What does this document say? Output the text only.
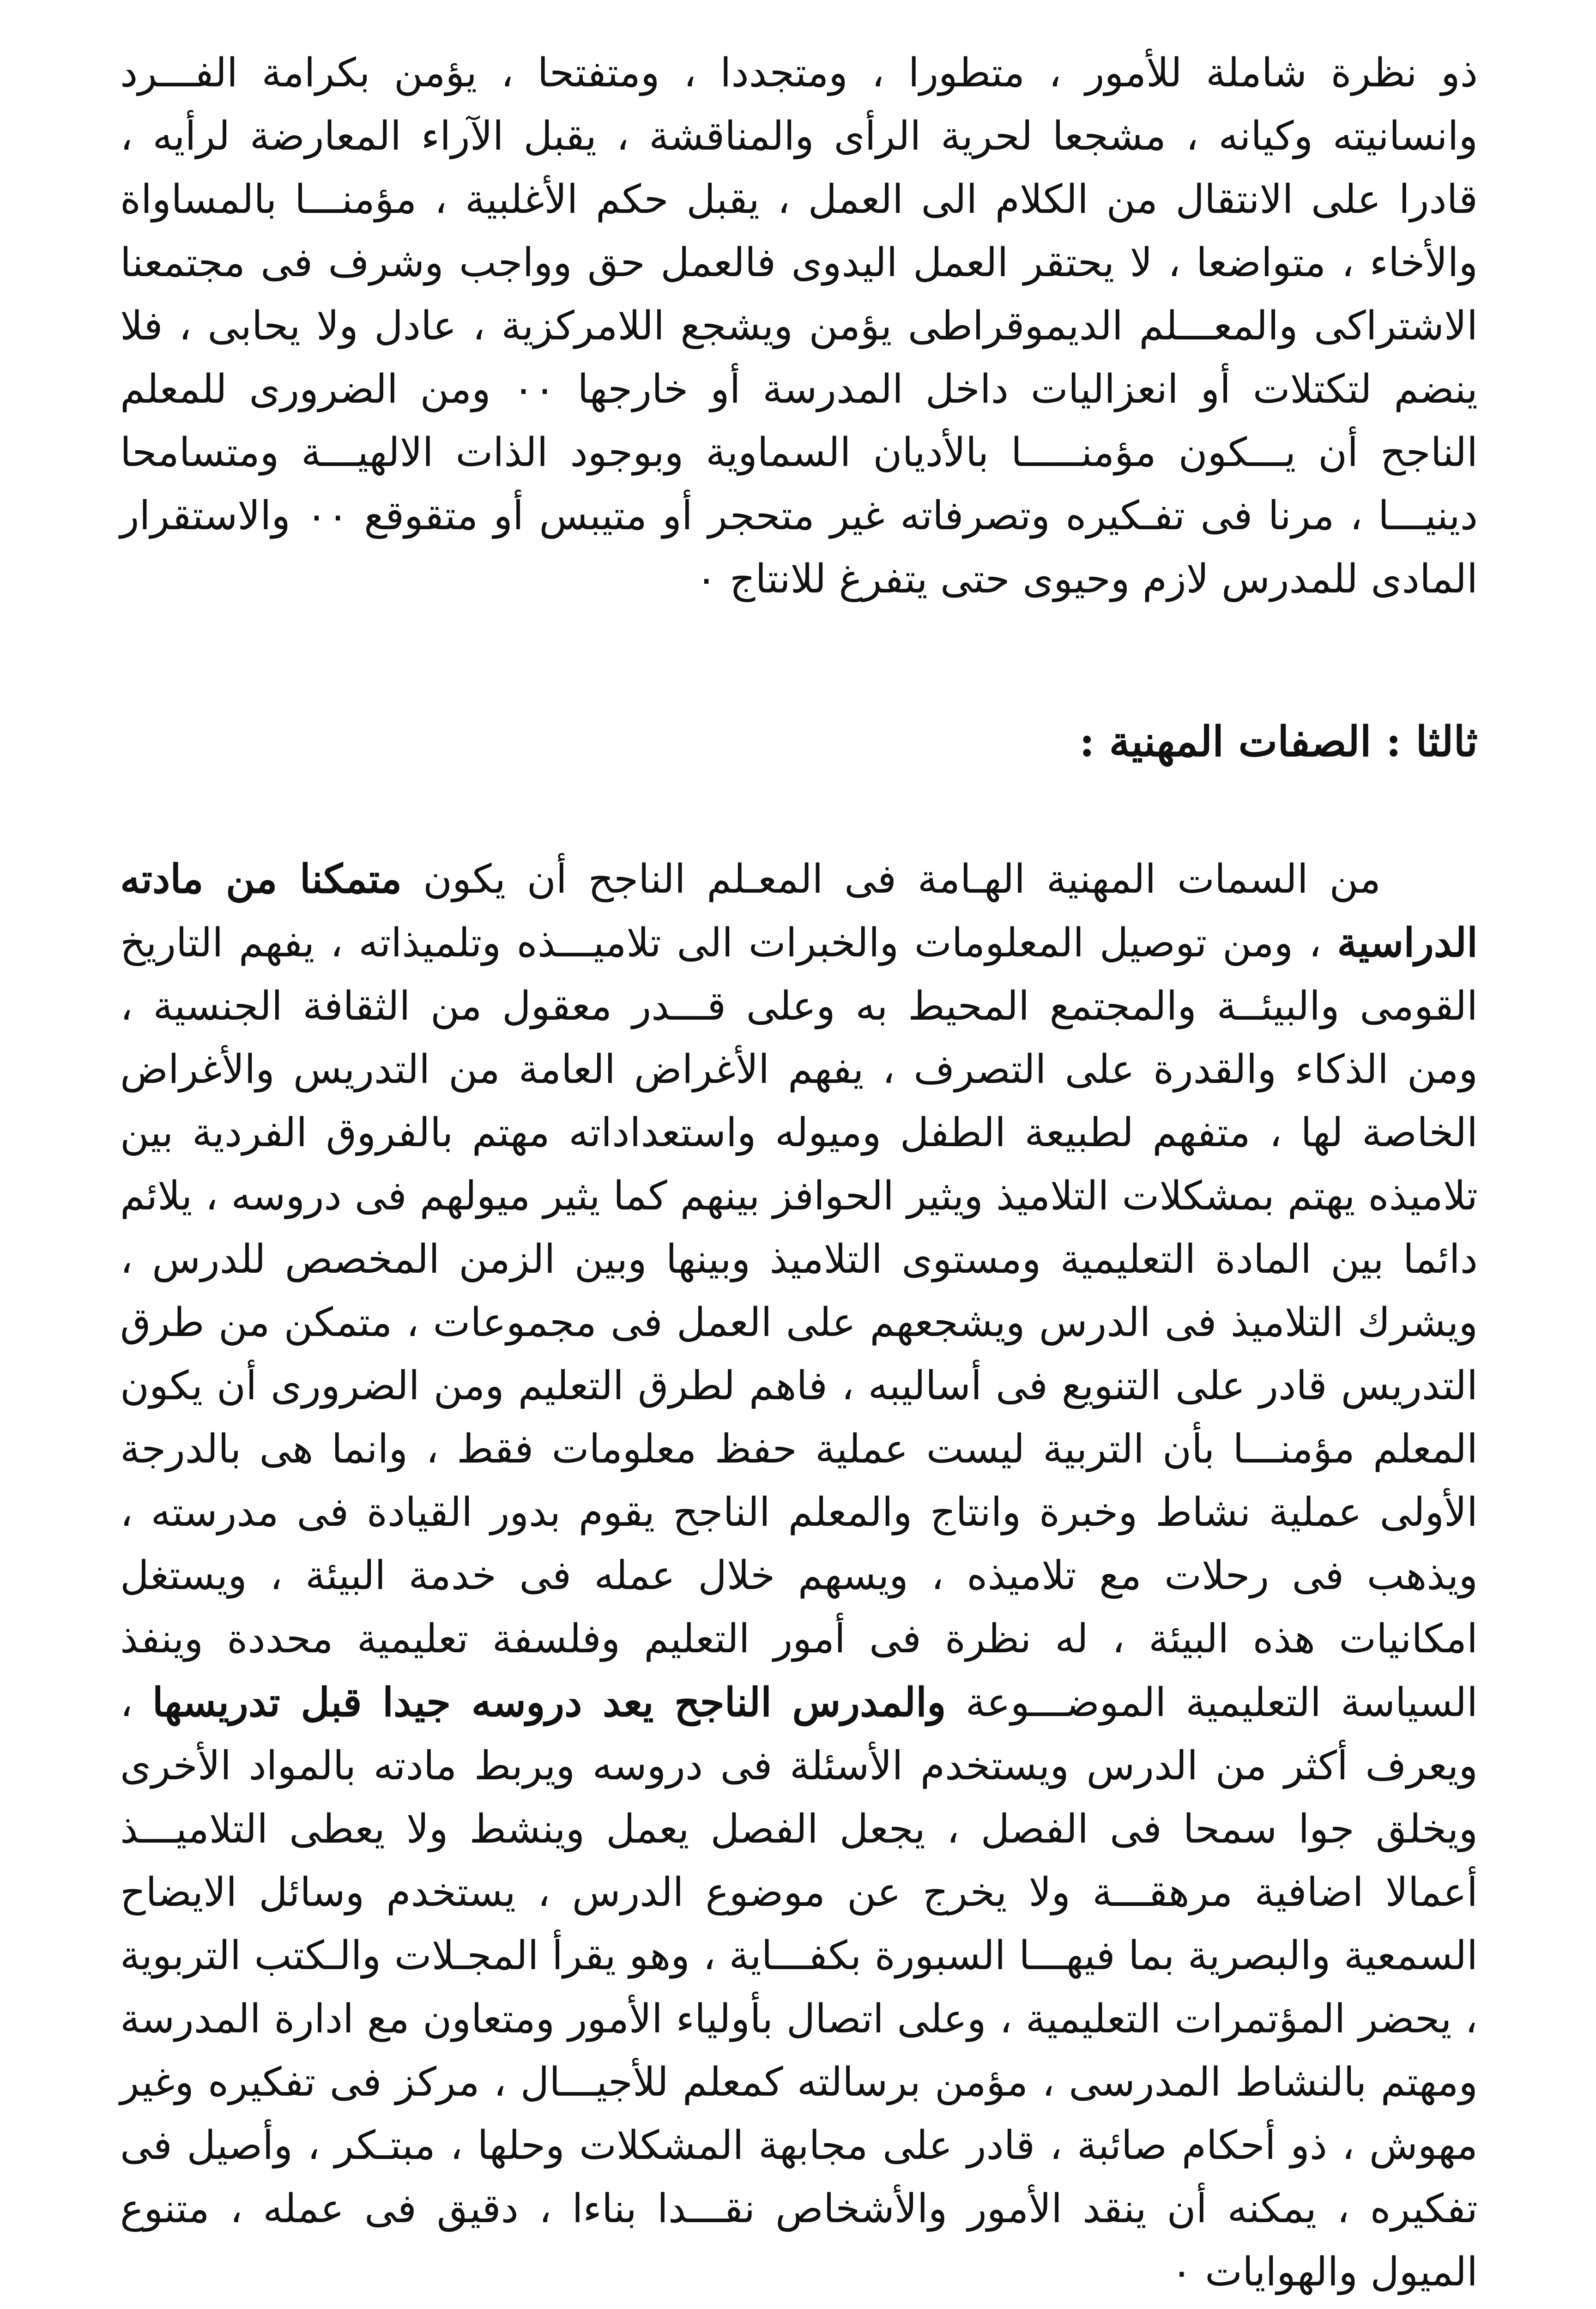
ذو نظرة شاملة للأمور ، متطورا ، ومتجددا ، ومتفتحا ، يؤمن بكرامة الفـــرد وانسانيته وكيانه ، مشجعا لحرية الرأى والمناقشة ، يقبل الآراء المعارضة لرأيه ، قادرا على الانتقال من الكلام الى العمل ، يقبل حكم الأغلبية ، مؤمنـــا بالمساواة والأخاء ، متواضعا ، لا يحتقر العمل اليدوى فالعمل حق وواجب وشرف فى مجتمعنا الاشتراكى والمعـــلم الديموقراطى يؤمن ويشجع اللامركزية ، عادل ولا يحابى ، فلا ينضم لتكتلات أو انعزاليات داخل المدرسة أو خارجها ٠٠ ومن الضرورى للمعلم الناجح أن يـــكون مؤمنـــــا بالأديان السماوية وبوجود الذات الالهيـــة ومتسامحا دينيـــا ، مرنا فى تفـكيره وتصرفاته غير متحجر أو متيبس أو متقوقع ٠٠ والاستقرار المادى للمدرس لازم وحيوى حتى يتفرغ للانتاج ٠

ثالثا : الصفات المهنية :

من السمات المهنية الهـامة فى المعـلم الناجح أن يكون متمكنا من مادته الدراسية ، ومن توصيل المعلومات والخبرات الى تلاميـــذه وتلميذاته ، يفهم التاريخ القومى والبيئــة والمجتمع المحيط به وعلى قـــدر معقول من الثقافة الجنسية ، ومن الذكاء والقدرة على التصرف ، يفهم الأغراض العامة من التدريس والأغراض الخاصة لها ، متفهم لطبيعة الطفل وميوله واستعداداته مهتم بالفروق الفردية بين تلاميذه يهتم بمشكلات التلاميذ ويثير الحوافز بينهم كما يثير ميولهم فى دروسه ، يلائم دائما بين المادة التعليمية ومستوى التلاميذ وبينها وبين الزمن المخصص للدرس ، ويشرك التلاميذ فى الدرس ويشجعهم على العمل فى مجموعات ، متمكن من طرق التدريس قادر على التنويع فى أساليبه ، فاهم لطرق التعليم ومن الضرورى أن يكون المعلم مؤمنـــا بأن التربية ليست عملية حفظ معلومات فقط ، وانما هى بالدرجة الأولى عملية نشاط وخبرة وانتاج والمعلم الناجح يقوم بدور القيادة فى مدرسته ، ويذهب فى رحلات مع تلاميذه ، ويسهم خلال عمله فى خدمة البيئة ، ويستغل امكانيات هذه البيئة ، له نظرة فى أمور التعليم وفلسفة تعليمية محددة وينفذ السياسة التعليمية الموضـــوعة والمدرس الناجح يعد دروسه جيدا قبل تدريسها ، ويعرف أكثر من الدرس ويستخدم الأسئلة فى دروسه ويربط مادته بالمواد الأخرى ويخلق جوا سمحا فى الفصل ، يجعل الفصل يعمل وينشط ولا يعطى التلاميـــذ أعمالا اضافية مرهقـــة ولا يخرج عن موضوع الدرس ، يستخدم وسائل الايضاح السمعية والبصرية بما فيهـــا السبورة بكفـــاية ، وهو يقرأ المجـلات والـكتب التربوية ، يحضر المؤتمرات التعليمية ، وعلى اتصال بأولياء الأمور ومتعاون مع ادارة المدرسة ومهتم بالنشاط المدرسى ، مؤمن برسالته كمعلم للأجيـــال ، مركز فى تفكيره وغير مهوش ، ذو أحكام صائبة ، قادر على مجابهة المشكلات وحلها ، مبتـكر ، وأصيل فى تفكيره ، يمكنه أن ينقد الأمور والأشخاص نقـــدا بناءا ، دقيق فى عمله ، متنوع الميول والهوايات ٠
